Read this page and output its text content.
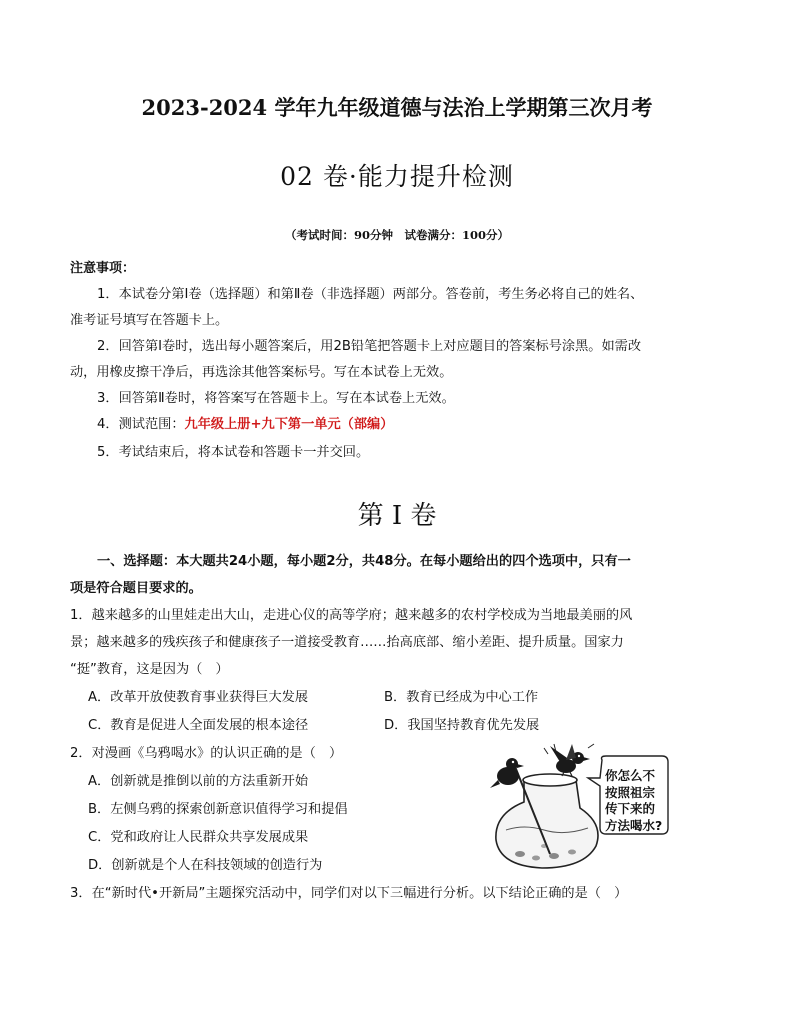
2023-2024 学年九年级道德与法治上学期第三次月考
02 卷·能力提升检测
（考试时间：90分钟　试卷满分：100分）
注意事项：
1．本试卷分第Ⅰ卷（选择题）和第Ⅱ卷（非选择题）两部分。答卷前，考生务必将自己的姓名、
准考证号填写在答题卡上。
2．回答第Ⅰ卷时，选出每小题答案后，用2B铅笔把答题卡上对应题目的答案标号涂黑。如需改
动，用橡皮擦干净后，再选涂其他答案标号。写在本试卷上无效。
3．回答第Ⅱ卷时，将答案写在答题卡上。写在本试卷上无效。
4．测试范围：九年级上册+九下第一单元（部编）
5．考试结束后，将本试卷和答题卡一并交回。
第 I 卷
一、选择题：本大题共24小题，每小题2分，共48分。在每小题给出的四个选项中，只有一
项是符合题目要求的。
1．越来越多的山里娃走出大山，走进心仪的高等学府；越来越多的农村学校成为当地最美丽的风
景；越来越多的残疾孩子和健康孩子一道接受教育……抬高底部、缩小差距、提升质量。国家力
“挺”教育，这是因为（　）
A．改革开放使教育事业获得巨大发展	B．教育已经成为中心工作
C．教育是促进人全面发展的根本途径	D．我国坚持教育优先发展
2．对漫画《乌鸦喝水》的认识正确的是（　）
A．创新就是推倒以前的方法重新开始
B．左侧乌鸦的探索创新意识值得学习和提倡
C．党和政府让人民群众共享发展成果
D．创新就是个人在科技领域的创造行为
你怎么不
按照祖宗
传下来的
方法喝水?
3．在“新时代•开新局”主题探究活动中，同学们对以下三幅进行分析。以下结论正确的是（　）
